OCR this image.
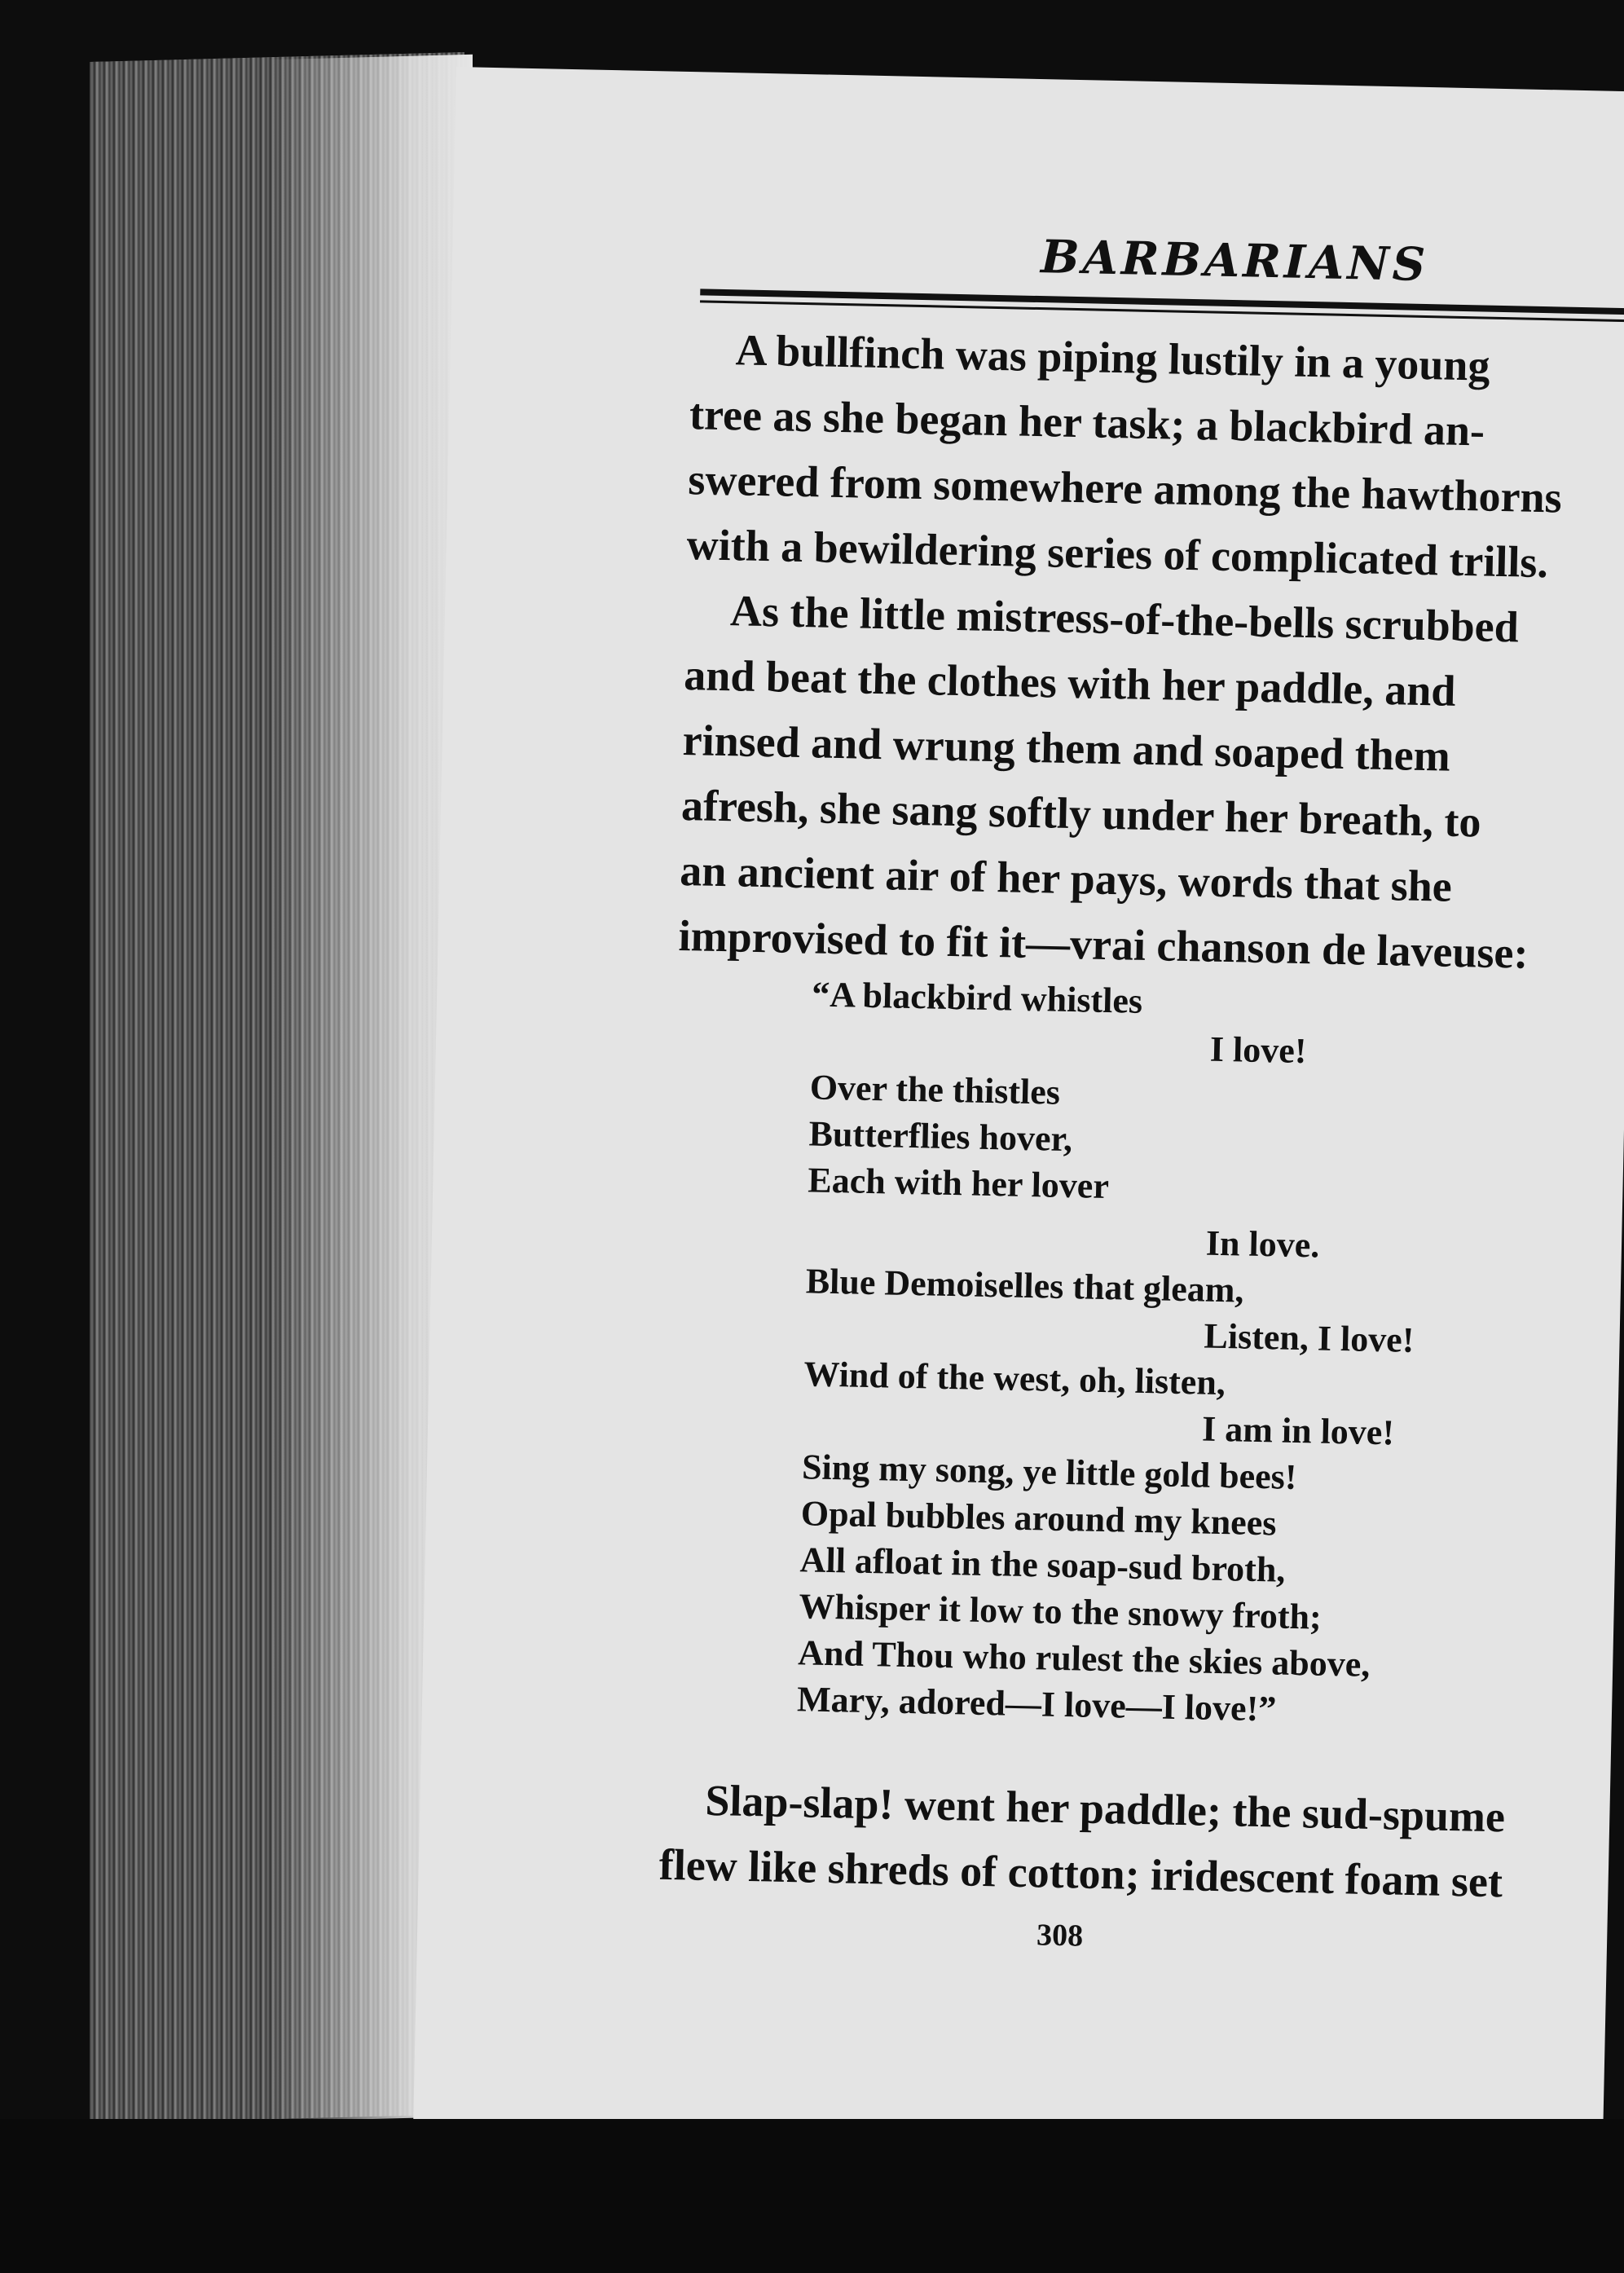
BARBARIANS
A bullfinch was piping lustily in a young
tree as she began her task; a blackbird an-
swered from somewhere among the hawthorns
with a bewildering series of complicated trills.
As the little mistress-of-the-bells scrubbed
and beat the clothes with her paddle, and
rinsed and wrung them and soaped them
afresh, she sang softly under her breath, to
an ancient air of her pays, words that she
improvised to fit it—vrai chanson de laveuse:
“A blackbird whistles
I love!
Over the thistles
Butterflies hover,
Each with her lover
In love.
Blue Demoiselles that gleam,
Listen, I love!
Wind of the west, oh, listen,
I am in love!
Sing my song, ye little gold bees!
Opal bubbles around my knees
All afloat in the soap-sud broth,
Whisper it low to the snowy froth;
And Thou who rulest the skies above,
Mary, adored—I love—I love!”
Slap-slap! went her paddle; the sud-spume
flew like shreds of cotton; iridescent foam set
308
